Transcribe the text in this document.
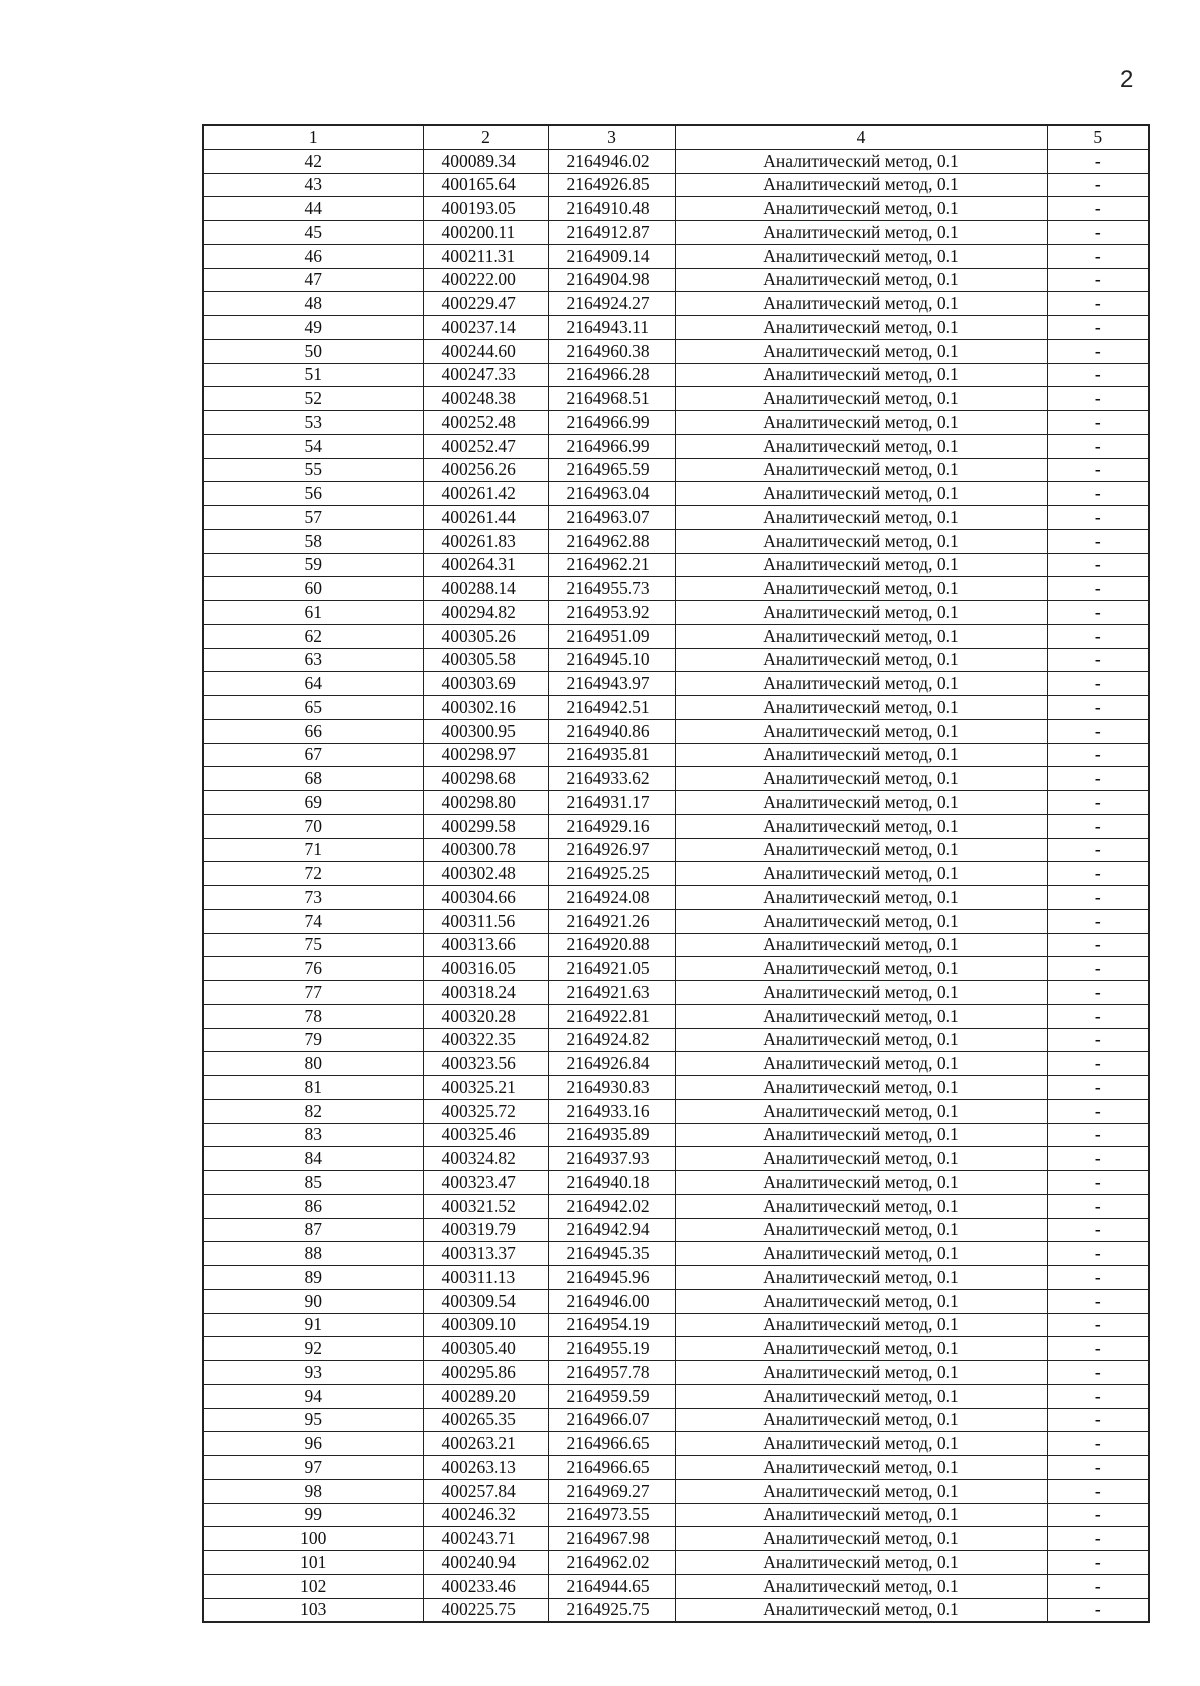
2
1	2	3	4	5
42	400089.34	2164946.02	Аналитический метод, 0.1	-
43	400165.64	2164926.85	Аналитический метод, 0.1	-
44	400193.05	2164910.48	Аналитический метод, 0.1	-
45	400200.11	2164912.87	Аналитический метод, 0.1	-
46	400211.31	2164909.14	Аналитический метод, 0.1	-
47	400222.00	2164904.98	Аналитический метод, 0.1	-
48	400229.47	2164924.27	Аналитический метод, 0.1	-
49	400237.14	2164943.11	Аналитический метод, 0.1	-
50	400244.60	2164960.38	Аналитический метод, 0.1	-
51	400247.33	2164966.28	Аналитический метод, 0.1	-
52	400248.38	2164968.51	Аналитический метод, 0.1	-
53	400252.48	2164966.99	Аналитический метод, 0.1	-
54	400252.47	2164966.99	Аналитический метод, 0.1	-
55	400256.26	2164965.59	Аналитический метод, 0.1	-
56	400261.42	2164963.04	Аналитический метод, 0.1	-
57	400261.44	2164963.07	Аналитический метод, 0.1	-
58	400261.83	2164962.88	Аналитический метод, 0.1	-
59	400264.31	2164962.21	Аналитический метод, 0.1	-
60	400288.14	2164955.73	Аналитический метод, 0.1	-
61	400294.82	2164953.92	Аналитический метод, 0.1	-
62	400305.26	2164951.09	Аналитический метод, 0.1	-
63	400305.58	2164945.10	Аналитический метод, 0.1	-
64	400303.69	2164943.97	Аналитический метод, 0.1	-
65	400302.16	2164942.51	Аналитический метод, 0.1	-
66	400300.95	2164940.86	Аналитический метод, 0.1	-
67	400298.97	2164935.81	Аналитический метод, 0.1	-
68	400298.68	2164933.62	Аналитический метод, 0.1	-
69	400298.80	2164931.17	Аналитический метод, 0.1	-
70	400299.58	2164929.16	Аналитический метод, 0.1	-
71	400300.78	2164926.97	Аналитический метод, 0.1	-
72	400302.48	2164925.25	Аналитический метод, 0.1	-
73	400304.66	2164924.08	Аналитический метод, 0.1	-
74	400311.56	2164921.26	Аналитический метод, 0.1	-
75	400313.66	2164920.88	Аналитический метод, 0.1	-
76	400316.05	2164921.05	Аналитический метод, 0.1	-
77	400318.24	2164921.63	Аналитический метод, 0.1	-
78	400320.28	2164922.81	Аналитический метод, 0.1	-
79	400322.35	2164924.82	Аналитический метод, 0.1	-
80	400323.56	2164926.84	Аналитический метод, 0.1	-
81	400325.21	2164930.83	Аналитический метод, 0.1	-
82	400325.72	2164933.16	Аналитический метод, 0.1	-
83	400325.46	2164935.89	Аналитический метод, 0.1	-
84	400324.82	2164937.93	Аналитический метод, 0.1	-
85	400323.47	2164940.18	Аналитический метод, 0.1	-
86	400321.52	2164942.02	Аналитический метод, 0.1	-
87	400319.79	2164942.94	Аналитический метод, 0.1	-
88	400313.37	2164945.35	Аналитический метод, 0.1	-
89	400311.13	2164945.96	Аналитический метод, 0.1	-
90	400309.54	2164946.00	Аналитический метод, 0.1	-
91	400309.10	2164954.19	Аналитический метод, 0.1	-
92	400305.40	2164955.19	Аналитический метод, 0.1	-
93	400295.86	2164957.78	Аналитический метод, 0.1	-
94	400289.20	2164959.59	Аналитический метод, 0.1	-
95	400265.35	2164966.07	Аналитический метод, 0.1	-
96	400263.21	2164966.65	Аналитический метод, 0.1	-
97	400263.13	2164966.65	Аналитический метод, 0.1	-
98	400257.84	2164969.27	Аналитический метод, 0.1	-
99	400246.32	2164973.55	Аналитический метод, 0.1	-
100	400243.71	2164967.98	Аналитический метод, 0.1	-
101	400240.94	2164962.02	Аналитический метод, 0.1	-
102	400233.46	2164944.65	Аналитический метод, 0.1	-
103	400225.75	2164925.75	Аналитический метод, 0.1	-
